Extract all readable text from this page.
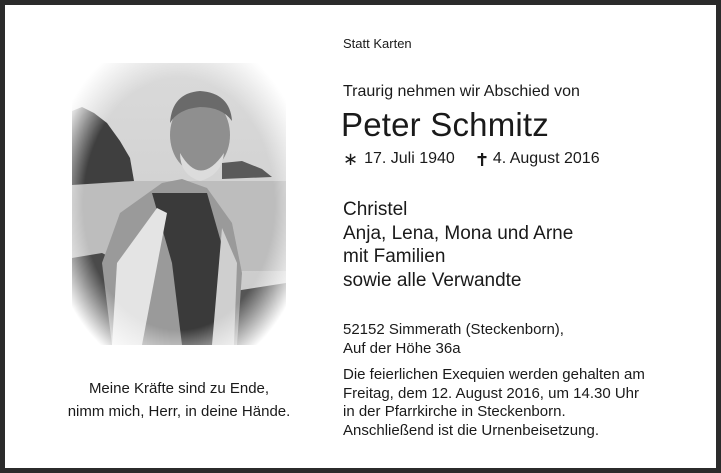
Meine Kräfte sind zu Ende,
nimm mich, Herr, in deine Hände.
Statt Karten
Traurig nehmen wir Abschied von
Peter Schmitz
∗ 17. Juli 1940 4. August 2016
Christel
Anja, Lena, Mona und Arne
mit Familien
sowie alle Verwandte
52152 Simmerath (Steckenborn),
Auf der Höhe 36a
Die feierlichen Exequien werden gehalten am
Freitag, dem 12. August 2016, um 14.30 Uhr
in der Pfarrkirche in Steckenborn.
Anschließend ist die Urnenbeisetzung.
